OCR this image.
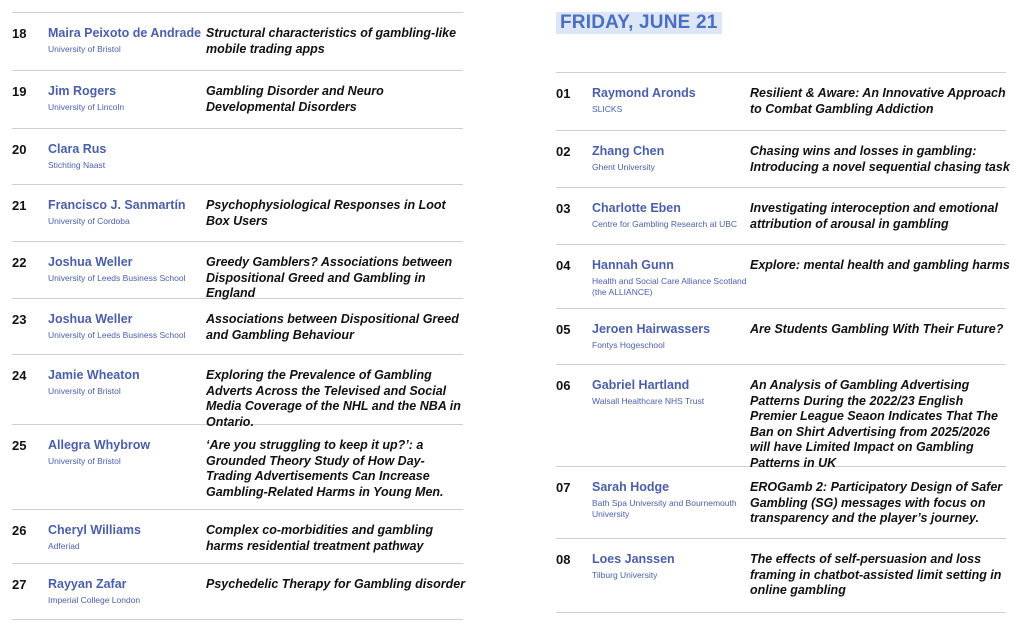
18 Maira Peixoto de Andrade
University of Bristol
Structural characteristics of gambling-like mobile trading apps
19 Jim Rogers
University of Lincoln
Gambling Disorder and Neuro Developmental Disorders
20 Clara Rus
Stichting Naast
21 Francisco J. Sanmartín
University of Cordoba
Psychophysiological Responses in Loot Box Users
22 Joshua Weller
University of Leeds Business School
Greedy Gamblers? Associations between Dispositional Greed and Gambling in England
23 Joshua Weller
University of Leeds Business School
Associations between Dispositional Greed and Gambling Behaviour
24 Jamie Wheaton
University of Bristol
Exploring the Prevalence of Gambling Adverts Across the Televised and Social Media Coverage of the NHL and the NBA in Ontario.
25 Allegra Whybrow
University of Bristol
‘Are you struggling to keep it up?’: a Grounded Theory Study of How Day-Trading Advertisements Can Increase Gambling-Related Harms in Young Men.
26 Cheryl Williams
Adferiad
Complex co-morbidities and gambling harms residential treatment pathway
27 Rayyan Zafar
Imperial College London
Psychedelic Therapy for Gambling disorder
FRIDAY, JUNE 21
01 Raymond Aronds
SLICKS
Resilient & Aware: An Innovative Approach to Combat Gambling Addiction
02 Zhang Chen
Ghent University
Chasing wins and losses in gambling: Introducing a novel sequential chasing task
03 Charlotte Eben
Centre for Gambling Research at UBC
Investigating interoception and emotional attribution of arousal in gambling
04 Hannah Gunn
Health and Social Care Alliance Scotland (the ALLIANCE)
Explore: mental health and gambling harms
05 Jeroen Hairwassers
Fontys Hogeschool
Are Students Gambling With Their Future?
06 Gabriel Hartland
Walsall Healthcare NHS Trust
An Analysis of Gambling Advertising Patterns During the 2022/23 English Premier League Seaon Indicates That The Ban on Shirt Advertising from 2025/2026 will have Limited Impact on Gambling Patterns in UK
07 Sarah Hodge
Bath Spa University and Bournemouth University
EROGamb 2: Participatory Design of Safer Gambling (SG) messages with focus on transparency and the player’s journey.
08 Loes Janssen
Tilburg University
The effects of self-persuasion and loss framing in chatbot-assisted limit setting in online gambling
